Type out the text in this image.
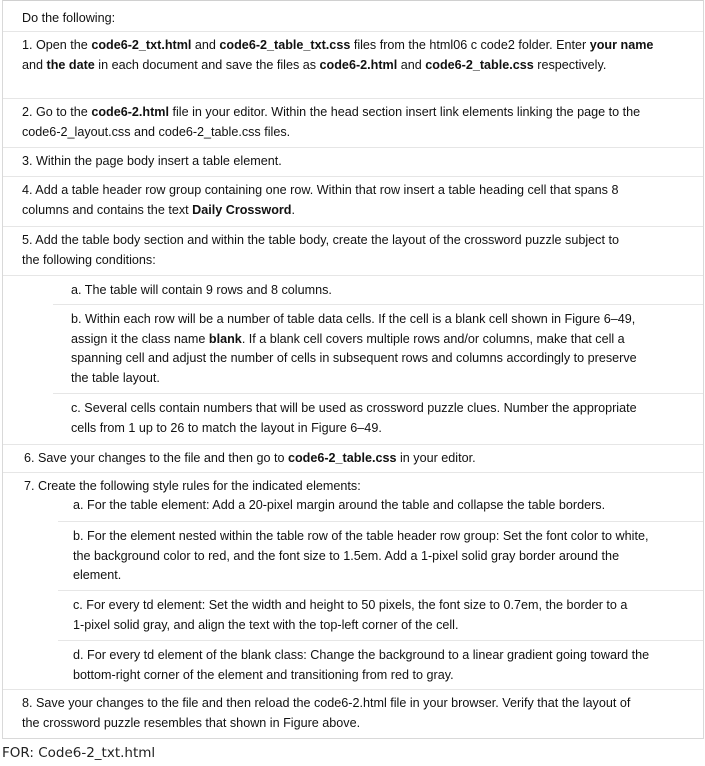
Do the following:
1. Open the code6-2_txt.html and code6-2_table_txt.css files from the html06 c code2 folder. Enter your name and the date in each document and save the files as code6-2.html and code6-2_table.css respectively.
2. Go to the code6-2.html file in your editor. Within the head section insert link elements linking the page to the code6-2_layout.css and code6-2_table.css files.
3. Within the page body insert a table element.
4. Add a table header row group containing one row. Within that row insert a table heading cell that spans 8 columns and contains the text Daily Crossword.
5. Add the table body section and within the table body, create the layout of the crossword puzzle subject to the following conditions:
a. The table will contain 9 rows and 8 columns.
b. Within each row will be a number of table data cells. If the cell is a blank cell shown in Figure 6–49, assign it the class name blank. If a blank cell covers multiple rows and/or columns, make that cell a spanning cell and adjust the number of cells in subsequent rows and columns accordingly to preserve the table layout.
c. Several cells contain numbers that will be used as crossword puzzle clues. Number the appropriate cells from 1 up to 26 to match the layout in Figure 6–49.
6. Save your changes to the file and then go to code6-2_table.css in your editor.
7. Create the following style rules for the indicated elements:
a. For the table element: Add a 20-pixel margin around the table and collapse the table borders.
b. For the element nested within the table row of the table header row group: Set the font color to white, the background color to red, and the font size to 1.5em. Add a 1-pixel solid gray border around the element.
c. For every td element: Set the width and height to 50 pixels, the font size to 0.7em, the border to a 1-pixel solid gray, and align the text with the top-left corner of the cell.
d. For every td element of the blank class: Change the background to a linear gradient going toward the bottom-right corner of the element and transitioning from red to gray.
8. Save your changes to the file and then reload the code6-2.html file in your browser. Verify that the layout of the crossword puzzle resembles that shown in Figure above.
FOR: Code6-2_txt.html
